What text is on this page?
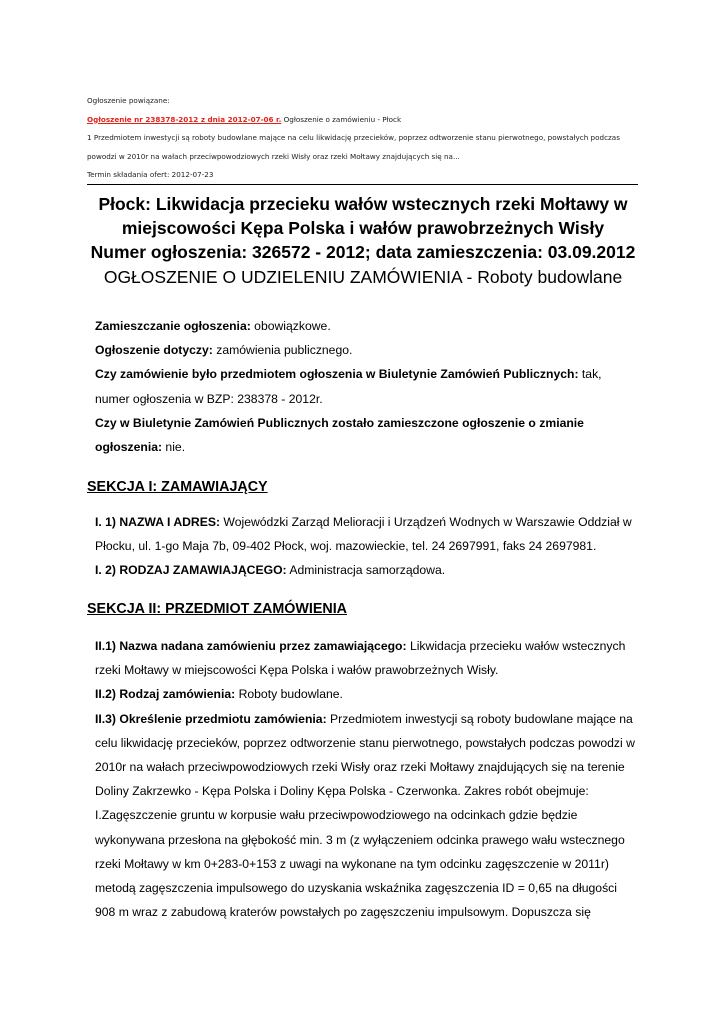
Ogłoszenie powiązane:

Ogłoszenie nr 238378-2012 z dnia 2012-07-06 r. Ogłoszenie o zamówieniu - Płock

1 Przedmiotem inwestycji są roboty budowlane mające na celu likwidację przecieków, poprzez odtworzenie stanu pierwotnego, powstałych podczas

powodzi w 2010r na wałach przeciwpowodziowych rzeki Wisły oraz rzeki Mołtawy znajdujących się na...

Termin składania ofert: 2012-07-23

Płock: Likwidacja przecieku wałów wstecznych rzeki Mołtawy w

miejscowości Kępa Polska i wałów prawobrzeżnych Wisły

Numer ogłoszenia: 326572 - 2012; data zamieszczenia: 03.09.2012

OGŁOSZENIE O UDZIELENIU ZAMÓWIENIA - Roboty budowlane

Zamieszczanie ogłoszenia: obowiązkowe.

Ogłoszenie dotyczy: zamówienia publicznego.

Czy zamówienie było przedmiotem ogłoszenia w Biuletynie Zamówień Publicznych: tak,

numer ogłoszenia w BZP: 238378 - 2012r.

Czy w Biuletynie Zamówień Publicznych zostało zamieszczone ogłoszenie o zmianie

ogłoszenia: nie.

SEKCJA I: ZAMAWIAJĄCY

I. 1) NAZWA I ADRES: Wojewódzki Zarząd Melioracji i Urządzeń Wodnych w Warszawie Oddział w

Płocku, ul. 1-go Maja 7b, 09-402 Płock, woj. mazowieckie, tel. 24 2697991, faks 24 2697981.

I. 2) RODZAJ ZAMAWIAJĄCEGO: Administracja samorządowa.

SEKCJA II: PRZEDMIOT ZAMÓWIENIA

II.1) Nazwa nadana zamówieniu przez zamawiającego: Likwidacja przecieku wałów wstecznych

rzeki Mołtawy w miejscowości Kępa Polska i wałów prawobrzeżnych Wisły.

II.2) Rodzaj zamówienia: Roboty budowlane.

II.3) Określenie przedmiotu zamówienia: Przedmiotem inwestycji są roboty budowlane mające na

celu likwidację przecieków, poprzez odtworzenie stanu pierwotnego, powstałych podczas powodzi w

2010r na wałach przeciwpowodziowych rzeki Wisły oraz rzeki Mołtawy znajdujących się na terenie

Doliny Zakrzewko - Kępa Polska i Doliny Kępa Polska - Czerwonka. Zakres robót obejmuje:

I.Zagęszczenie gruntu w korpusie wału przeciwpowodziowego na odcinkach gdzie będzie

wykonywana przesłona na głębokość min. 3 m (z wyłączeniem odcinka prawego wału wstecznego

rzeki Mołtawy w km 0+283-0+153 z uwagi na wykonane na tym odcinku zagęszczenie w 2011r)

metodą zagęszczenia impulsowego do uzyskania wskaźnika zagęszczenia ID = 0,65 na długości

908 m wraz z zabudową kraterów powstałych po zagęszczeniu impulsowym. Dopuszcza się
